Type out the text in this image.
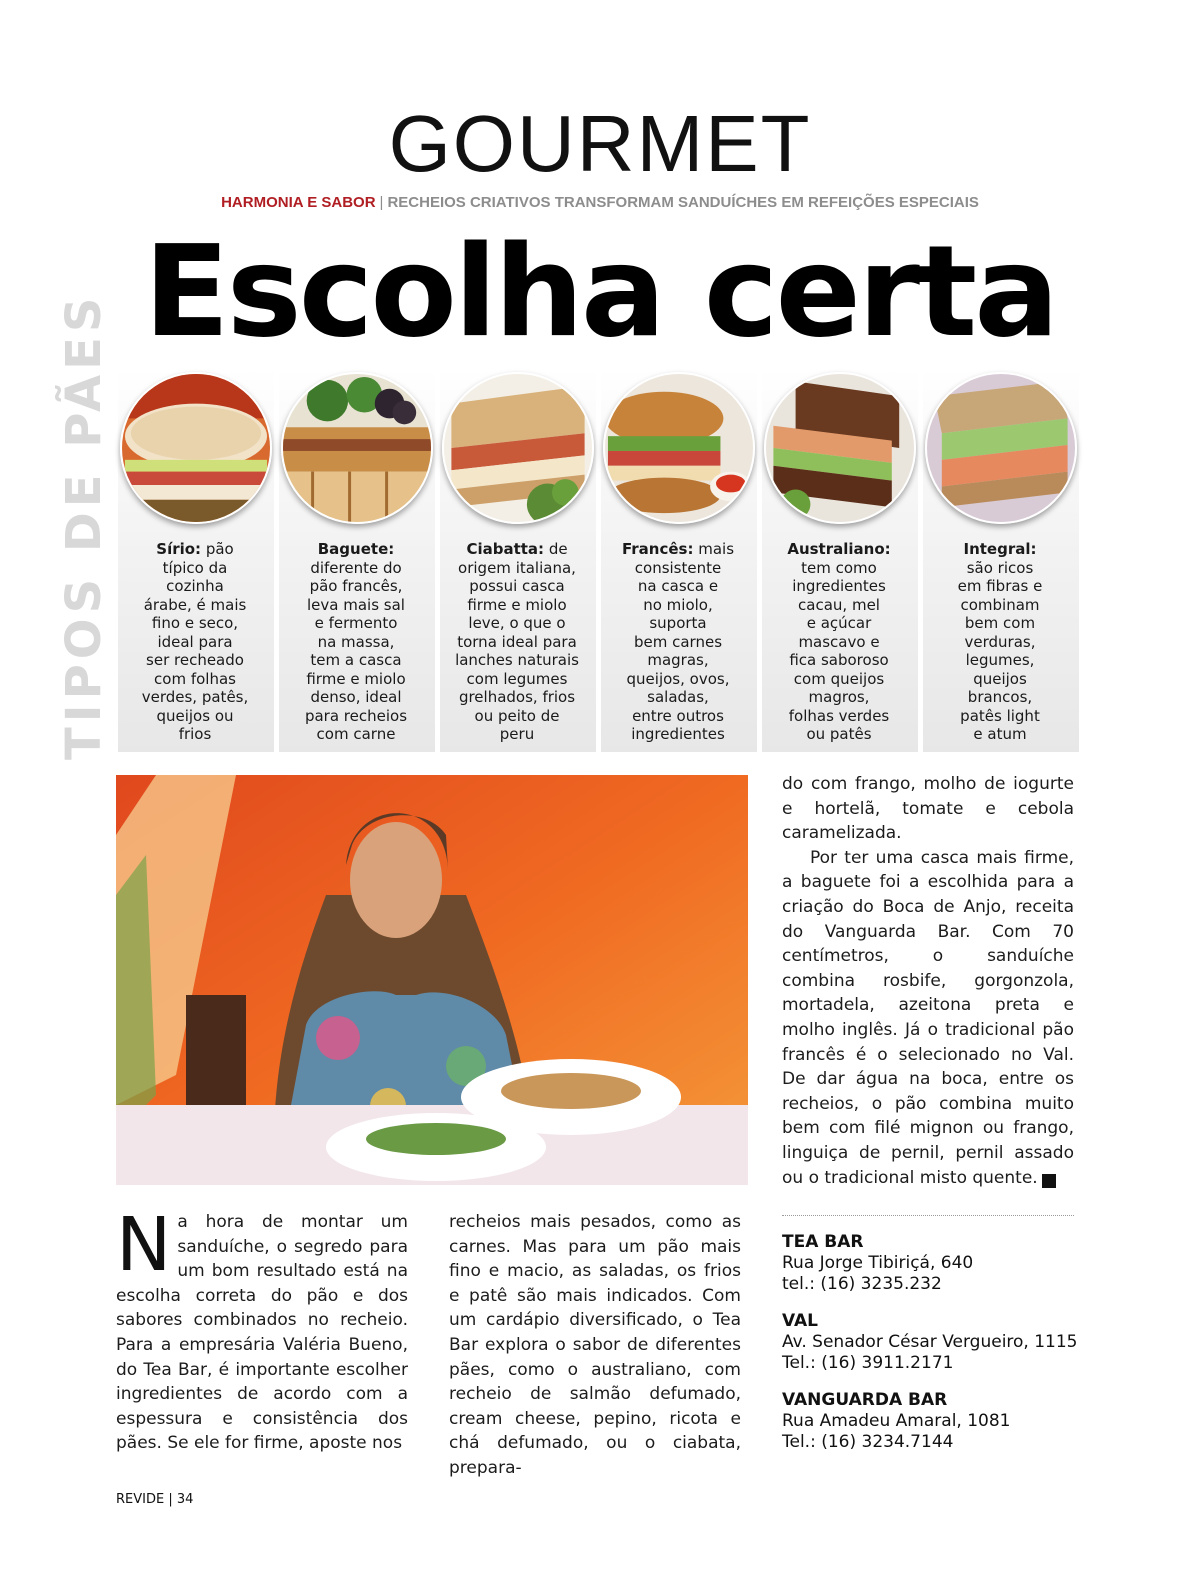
GOURMET
HARMONIA E SABOR | RECHEIOS CRIATIVOS TRANSFORMAM SANDUÍCHES EM REFEIÇÕES ESPECIAIS
Escolha certa
TIPOS DE PÃES	Sírio: pão
típico da
cozinha
árabe, é mais
fino e seco,
ideal para
ser recheado
com folhas
verdes, patês,
queijos ou
frios
Baguete:
diferente do
pão francês,
leva mais sal
e fermento
na massa,
tem a casca
firme e miolo
denso, ideal
para recheios
com carne
Ciabatta: de
origem italiana,
possui casca
firme e miolo
leve, o que o
torna ideal para
lanches naturais
com legumes
grelhados, frios
ou peito de
peru
Francês: mais
consistente
na casca e
no miolo,
suporta
bem carnes
magras,
queijos, ovos,
saladas,
entre outros
ingredientes
Australiano:
tem como
ingredientes
cacau, mel
e açúcar
mascavo e
fica saboroso
com queijos
magros,
folhas verdes
ou patês
Integral:
são ricos
em fibras e
combinam
bem com
verduras,
legumes,
queijos
brancos,
patês light
e atum
Na hora de montar um sanduíche, o segredo para um bom resultado está na escolha correta do pão e dos sabores combinados no recheio. Para a empresária Valéria Bueno, do Tea Bar, é importante escolher ingredientes de acordo com a espessura e consistência dos pães. Se ele for firme, aposte nos

recheios mais pesados, como as carnes. Mas para um pão mais fino e macio, as saladas, os frios e patê são mais indicados. Com um cardápio diversificado, o Tea Bar explora o sabor de diferentes pães, como o australiano, com recheio de salmão defumado, cream cheese, pepino, ricota e chá defumado, ou o ciabata, prepara-

do com frango, molho de iogurte e hortelã, tomate e cebola caramelizada.

Por ter uma casca mais firme, a baguete foi a escolhida para a criação do Boca de Anjo, receita do Vanguarda Bar. Com 70 centímetros, o sanduíche combina rosbife, gorgonzola, mortadela, azeitona preta e molho inglês. Já o tradicional pão francês é o selecionado no Val. De dar água na boca, entre os recheios, o pão combina muito bem com filé mignon ou frango, linguiça de pernil, pernil assado ou o tradicional misto quente.	r

TEA BAR
Rua Jorge Tibiriçá, 640
tel.: (16) 3235.232
VAL
Av. Senador César Vergueiro, 1115
Tel.: (16) 3911.2171
VANGUARDA BAR
Rua Amadeu Amaral, 1081
Tel.: (16) 3234.7144
REVIDE | 34
